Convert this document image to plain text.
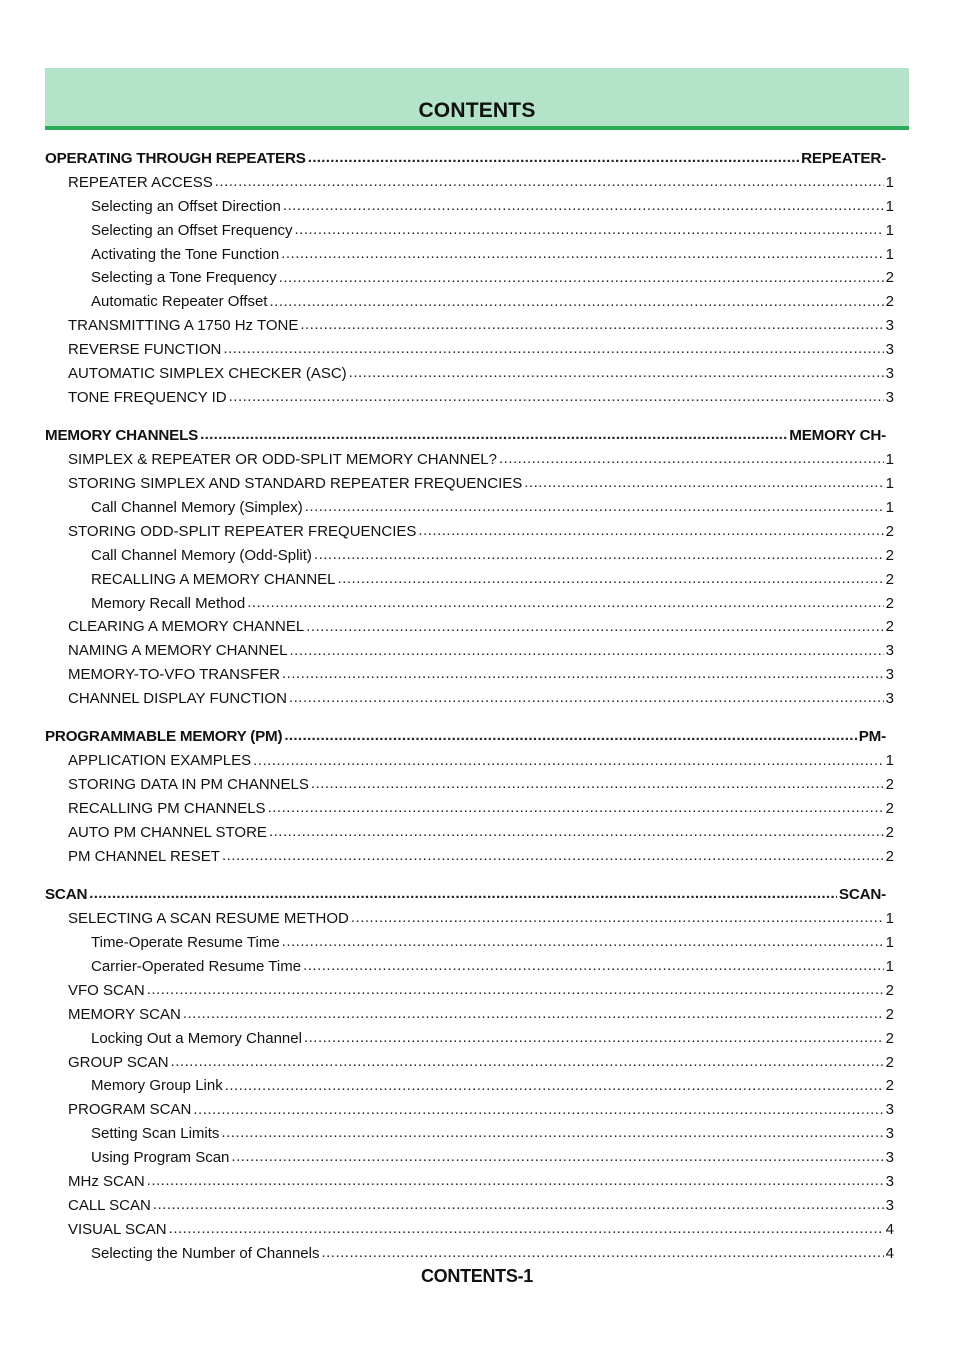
CONTENTS
OPERATING THROUGH REPEATERS .....	REPEATER-
REPEATER ACCESS .....	1
Selecting an Offset Direction .....	1
Selecting an Offset Frequency .....	1
Activating the Tone Function .....	1
Selecting a Tone Frequency .....	2
Automatic Repeater Offset .....	2
TRANSMITTING A 1750 Hz TONE .....	3
REVERSE FUNCTION .....	3
AUTOMATIC SIMPLEX CHECKER (ASC) .....	3
TONE FREQUENCY ID .....	3
MEMORY CHANNELS .....	MEMORY CH-
SIMPLEX & REPEATER OR ODD-SPLIT MEMORY CHANNEL? .....	1
STORING SIMPLEX AND STANDARD REPEATER FREQUENCIES .....	1
Call Channel Memory (Simplex) .....	1
STORING ODD-SPLIT REPEATER FREQUENCIES .....	2
Call Channel Memory (Odd-Split) .....	2
RECALLING A MEMORY CHANNEL .....	2
Memory Recall Method .....	2
CLEARING A MEMORY CHANNEL .....	2
NAMING A MEMORY CHANNEL .....	3
MEMORY-TO-VFO TRANSFER .....	3
CHANNEL DISPLAY FUNCTION .....	3
PROGRAMMABLE MEMORY (PM) .....	PM-
APPLICATION EXAMPLES .....	1
STORING DATA IN PM CHANNELS .....	2
RECALLING PM CHANNELS .....	2
AUTO PM CHANNEL STORE .....	2
PM CHANNEL RESET .....	2
SCAN .....	SCAN-
SELECTING A SCAN RESUME METHOD .....	1
Time-Operate Resume Time .....	1
Carrier-Operated Resume Time .....	1
VFO SCAN .....	2
MEMORY SCAN .....	2
Locking Out a Memory Channel .....	2
GROUP SCAN .....	2
Memory Group Link .....	2
PROGRAM SCAN .....	3
Setting Scan Limits .....	3
Using Program Scan .....	3
MHz SCAN .....	3
CALL SCAN .....	3
VISUAL SCAN .....	4
Selecting the Number of Channels .....	4

CONTENTS-1
